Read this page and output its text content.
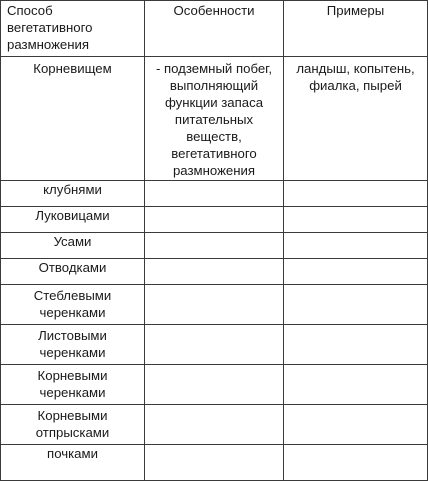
Способ вегетативного размножения	Особенности	Примеры
Корневищем	- подземный побег, выполняющий функции запаса питательных веществ, вегетативного размножения	ландыш, копытень, фиалка, пырей
клубнями		
Луковицами		
Усами		
Отводками		
Стеблевыми черенками		
Листовыми черенками		
Корневыми черенками		
Корневыми отпрысками		
почками		
